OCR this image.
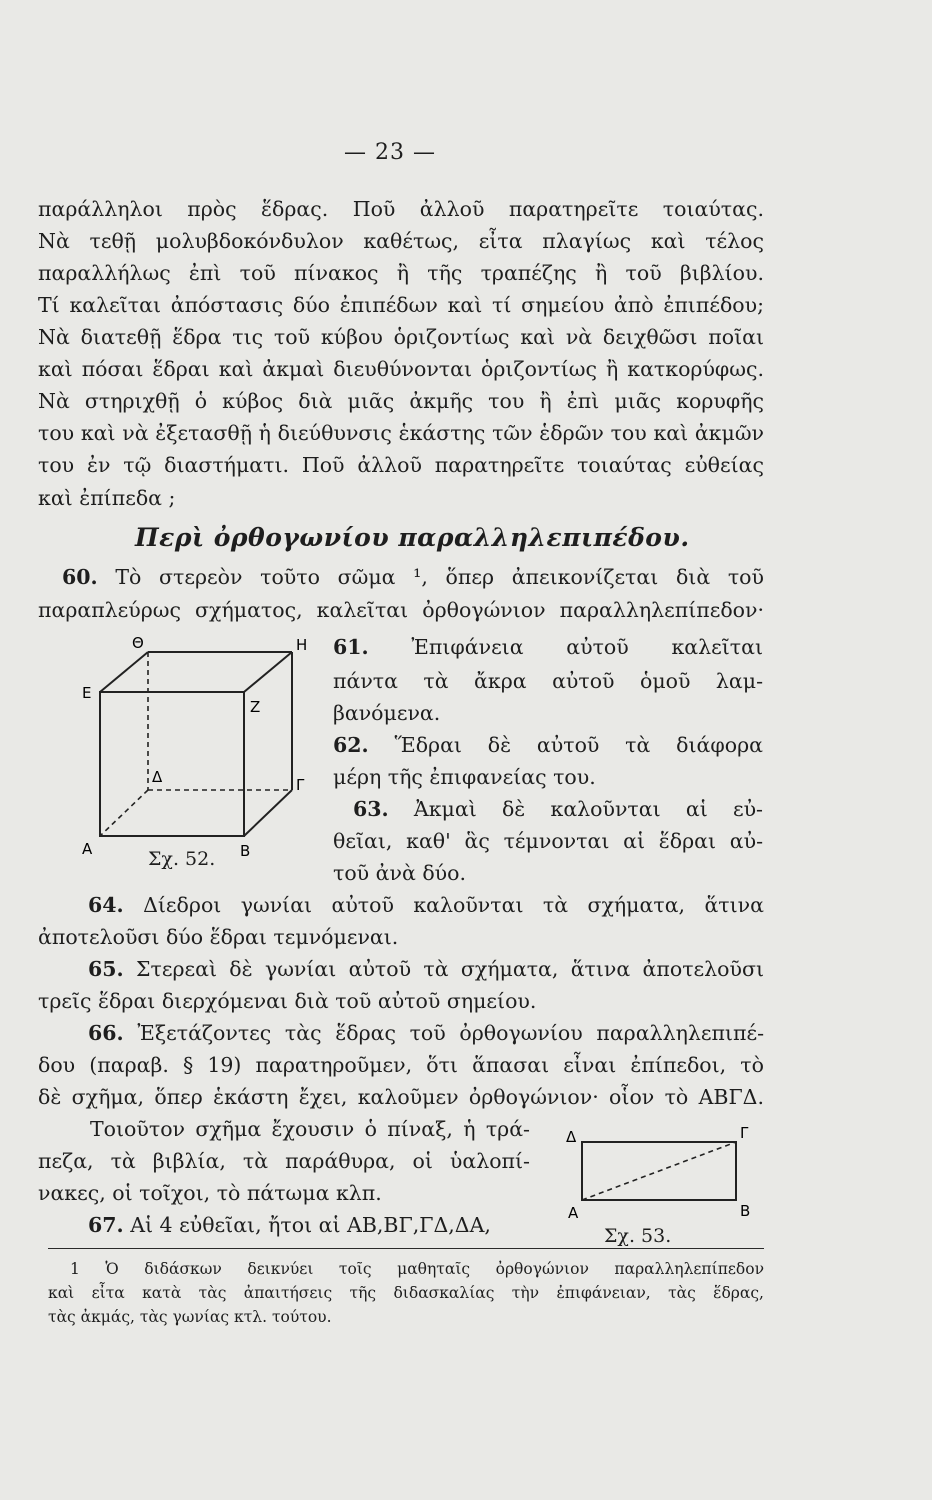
— 23 —
παράλληλοι πρὸς ἕδρας. Ποῦ ἀλλοῦ παρατηρεῖτε τοιαύτας.
Νὰ τεθῇ μολυβδοκόνδυλον καθέτως, εἶτα πλαγίως καὶ τέλος
παραλλήλως ἐπὶ τοῦ πίνακος ἢ τῆς τραπέζης ἢ τοῦ βιβλίου.
Τί καλεῖται ἀπόστασις δύο ἐπιπέδων καὶ τί σημείου ἀπὸ ἐπιπέδου;
Νὰ διατεθῇ ἕδρα τις τοῦ κύβου ὁριζοντίως καὶ νὰ δειχθῶσι ποῖαι
καὶ πόσαι ἕδραι καὶ ἀκμαὶ διευθύνονται ὁριζοντίως ἢ κατκορύφως.
Νὰ στηριχθῇ ὁ κύβος διὰ μιᾶς ἀκμῆς του ἢ ἐπὶ μιᾶς κορυφῆς
του καὶ νὰ ἐξετασθῇ ἡ διεύθυνσις ἑκάστης τῶν ἑδρῶν του καὶ ἀκμῶν
του ἐν τῷ διαστήματι. Ποῦ ἀλλοῦ παρατηρεῖτε τοιαύτας εὐθείας
καὶ ἐπίπεδα ;
Περὶ ὀρθογωνίου παραλληλεπιπέδου.
60. Τὸ στερεὸν τοῦτο σῶμα ¹, ὅπερ ἀπεικονίζεται διὰ τοῦ
παραπλεύρως σχήματος, καλεῖται ὀρθογώνιον παραλληλεπίπεδον·
Θ	Η
Ε
Ζ
Δ	Γ
Α	Β
Σχ. 52.
61. Ἐπιφάνεια αὐτοῦ καλεῖται
πάντα τὰ ἄκρα αὐτοῦ ὁμοῦ λαμ-
βανόμενα.
62. Ἕδραι δὲ αὐτοῦ τὰ διάφορα
μέρη τῆς ἐπιφανείας του.
63. Ἀκμαὶ δὲ καλοῦνται αἱ εὐ-
θεῖαι, καθ' ἃς τέμνονται αἱ ἕδραι αὐ-
τοῦ ἀνὰ δύο.
64. Δίεδροι γωνίαι αὐτοῦ καλοῦνται τὰ σχήματα, ἅτινα
ἀποτελοῦσι δύο ἕδραι τεμνόμεναι.
65. Στερεαὶ δὲ γωνίαι αὐτοῦ τὰ σχήματα, ἅτινα ἀποτελοῦσι
τρεῖς ἕδραι διερχόμεναι διὰ τοῦ αὐτοῦ σημείου.
66. Ἐξετάζοντες τὰς ἕδρας τοῦ ὀρθογωνίου παραλληλεπιπέ-
δου (παραβ. § 19) παρατηροῦμεν, ὅτι ἅπασαι εἶναι ἐπίπεδοι, τὸ
δὲ σχῆμα, ὅπερ ἑκάστη ἔχει, καλοῦμεν ὀρθογώνιον· οἷον τὸ ΑΒΓΔ.
Τοιοῦτον σχῆμα ἔχουσιν ὁ πίναξ, ἡ τρά-
πεζα, τὰ βιβλία, τὰ παράθυρα, οἱ ὑαλοπί-
νακες, οἱ τοῖχοι, τὸ πάτωμα κλπ.
67. Αἱ 4 εὐθεῖαι, ἤτοι αἱ ΑΒ,ΒΓ,ΓΔ,ΔΑ,
Δ	Γ
Α	Β
Σχ. 53.
1 Ὁ διδάσκων δεικνύει τοῖς μαθηταῖς ὀρθογώνιον παραλληλεπίπεδον
καὶ εἶτα κατὰ τὰς ἀπαιτήσεις τῆς διδασκαλίας τὴν ἐπιφάνειαν, τὰς ἕδρας,
τὰς ἀκμάς, τὰς γωνίας κτλ. τούτου.
